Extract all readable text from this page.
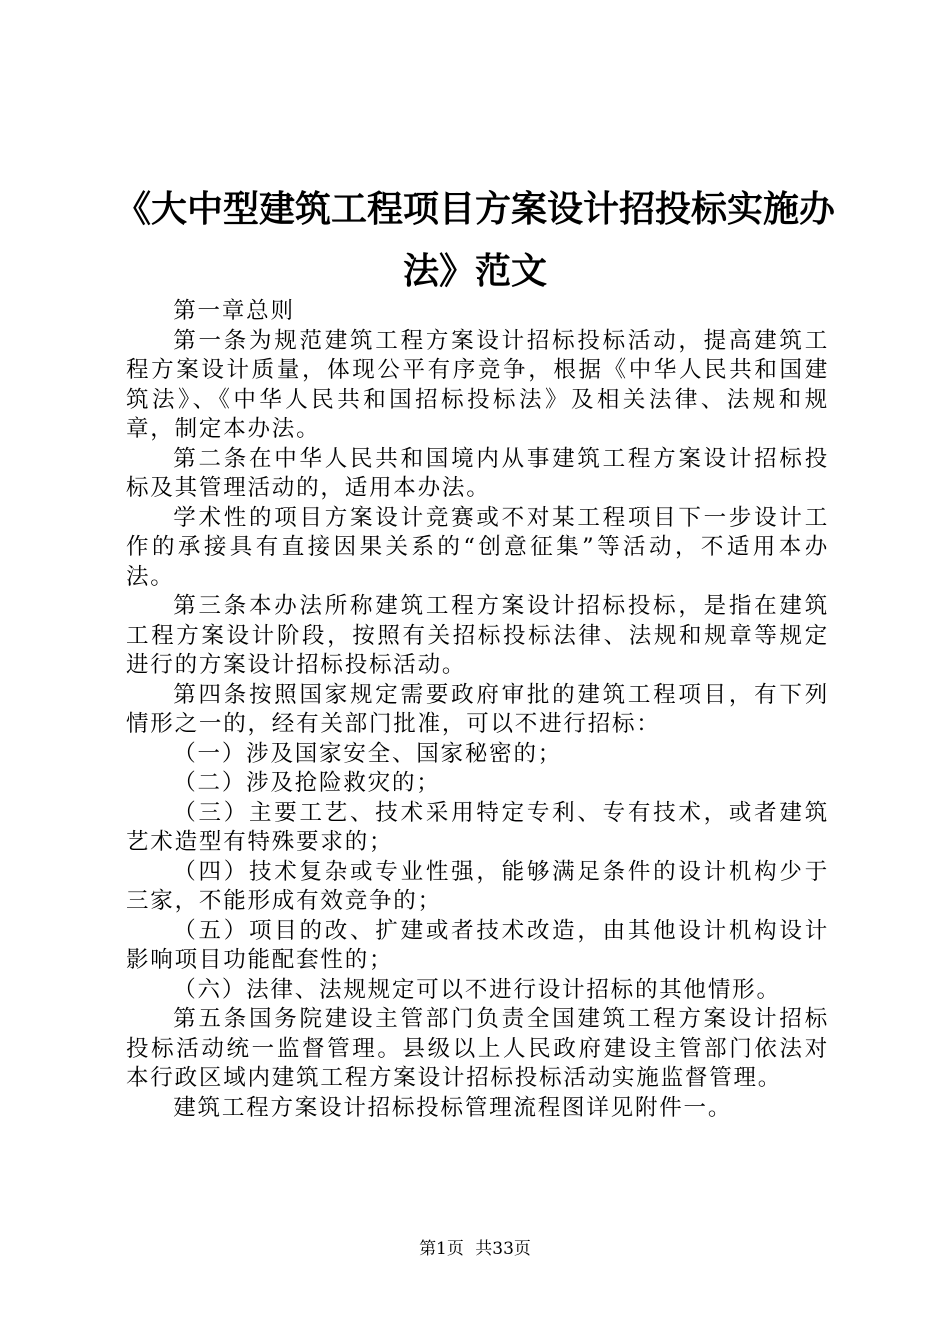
《大中型建筑工程项目方案设计招投标实施办
法》范文

第一章总则

第一条为规范建筑工程方案设计招标投标活动，提高建筑工程方案设计质量，体现公平有序竞争，根据《中华人民共和国建筑法》、《中华人民共和国招标投标法》及相关法律、法规和规章，制定本办法。

第二条在中华人民共和国境内从事建筑工程方案设计招标投标及其管理活动的，适用本办法。

学术性的项目方案设计竞赛或不对某工程项目下一步设计工作的承接具有直接因果关系的“创意征集”等活动，不适用本办法。

第三条本办法所称建筑工程方案设计招标投标，是指在建筑工程方案设计阶段，按照有关招标投标法律、法规和规章等规定进行的方案设计招标投标活动。

第四条按照国家规定需要政府审批的建筑工程项目，有下列情形之一的，经有关部门批准，可以不进行招标：

（一）涉及国家安全、国家秘密的；

（二）涉及抢险救灾的；

（三）主要工艺、技术采用特定专利、专有技术，或者建筑艺术造型有特殊要求的；

（四）技术复杂或专业性强，能够满足条件的设计机构少于三家，不能形成有效竞争的；

（五）项目的改、扩建或者技术改造，由其他设计机构设计影响项目功能配套性的；

（六）法律、法规规定可以不进行设计招标的其他情形。

第五条国务院建设主管部门负责全国建筑工程方案设计招标投标活动统一监督管理。县级以上人民政府建设主管部门依法对本行政区域内建筑工程方案设计招标投标活动实施监督管理。

建筑工程方案设计招标投标管理流程图详见附件一。

第1页 共33页
